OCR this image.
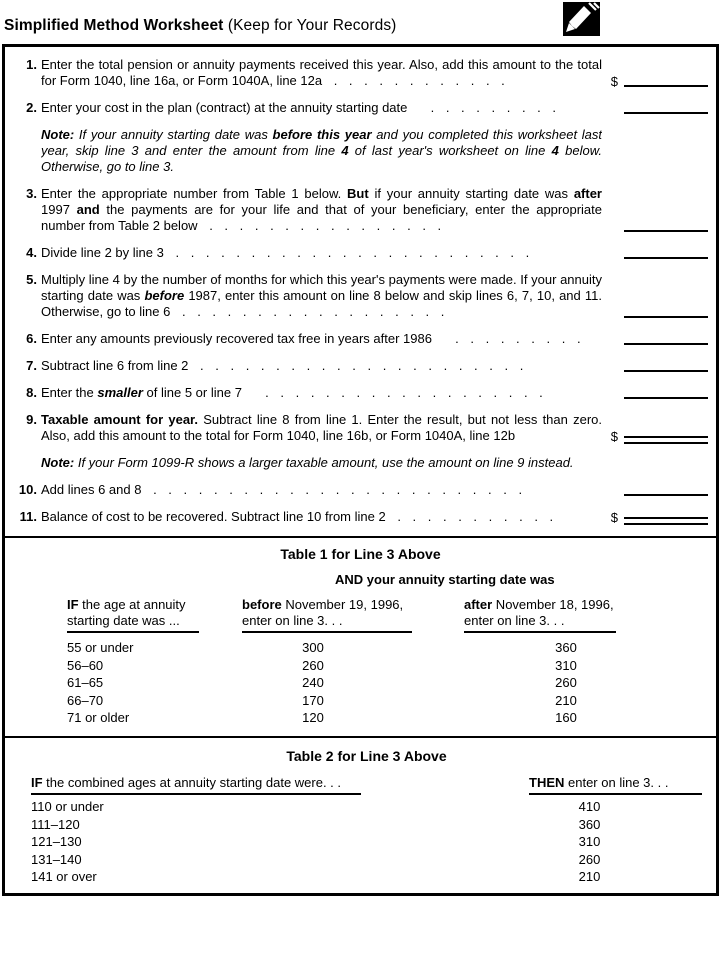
Simplified Method Worksheet (Keep for Your Records)
1. Enter the total pension or annuity payments received this year. Also, add this amount to the total for Form 1040, line 16a, or Form 1040A, line 12a . . . . . . . . . . . .	$
2. Enter your cost in the plan (contract) at the annuity starting date  . . . . . . . . .
Note: If your annuity starting date was before this year and you completed this worksheet last year, skip line 3 and enter the amount from line 4 of last year's worksheet on line 4 below. Otherwise, go to line 3.
3. Enter the appropriate number from Table 1 below. But if your annuity starting date was after 1997 and the payments are for your life and that of your beneficiary, enter the appropriate number from Table 2 below . . . . . . . . . . . . . . . .
4. Divide line 2 by line 3 . . . . . . . . . . . . . . . . . . . . . . . .
5. Multiply line 4 by the number of months for which this year's payments were made. If your annuity starting date was before 1987, enter this amount on line 8 below and skip lines 6, 7, 10, and 11. Otherwise, go to line 6 . . . . . . . . . . . . . . . . . .
6. Enter any amounts previously recovered tax free in years after 1986  . . . . . . . . .
7. Subtract line 6 from line 2 . . . . . . . . . . . . . . . . . . . . . .
8. Enter the smaller of line 5 or line 7  . . . . . . . . . . . . . . . . . . .
9. Taxable amount for year. Subtract line 8 from line 1. Enter the result, but not less than zero. Also, add this amount to the total for Form 1040, line 16b, or Form 1040A, line 12b	$
Note: If your Form 1099-R shows a larger taxable amount, use the amount on line 9 instead.
10. Add lines 6 and 8 . . . . . . . . . . . . . . . . . . . . . . . . .
11. Balance of cost to be recovered. Subtract line 10 from line 2 . . . . . . . . . . .	$
Table 1 for Line 3 Above
AND your annuity starting date was
IF the age at annuity
starting date was ...
before November 19, 1996,
enter on line 3. . .
after November 18, 1996,
enter on line 3. . .
55 or under	300	360
56–60	260	310
61–65	240	260
66–70	170	210
71 or older	120	160
Table 2 for Line 3 Above
IF the combined ages at annuity starting date were. . .	THEN enter on line 3. . .
110 or under	410
111–120	360
121–130	310
131–140	260
141 or over	210
